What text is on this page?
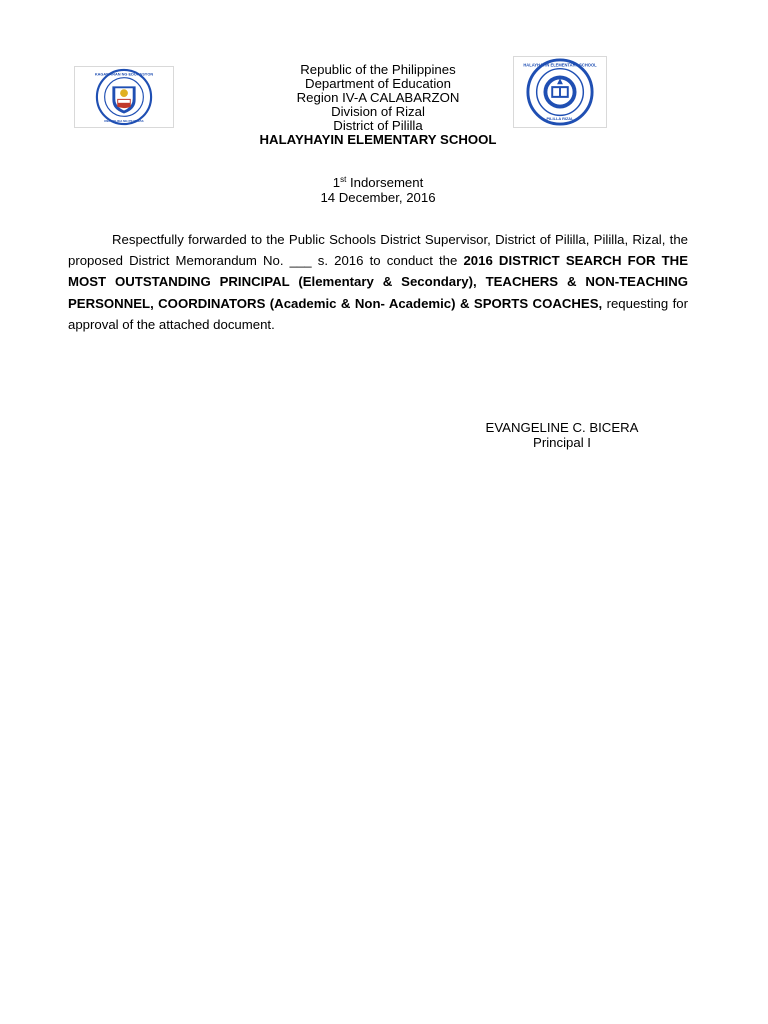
KAGAWARAN NG EDUKASYON
REPUBLIKA NG PILIPINAS
HALAYHAYIN ELEMENTARY SCHOOL
PILILLA RIZAL
Republic of the Philippines
Department of Education
Region IV-A CALABARZON
Division of Rizal
District of Pililla
HALAYHAYIN ELEMENTARY SCHOOL
1st Indorsement
14 December, 2016

Respectfully forwarded to the Public Schools District Supervisor, District of Pililla, Pililla, Rizal, the proposed District Memorandum No. ___ s. 2016 to conduct the 2016 DISTRICT SEARCH FOR THE MOST OUTSTANDING PRINCIPAL (Elementary & Secondary), TEACHERS & NON-TEACHING PERSONNEL, COORDINATORS (Academic & Non- Academic) & SPORTS COACHES, requesting for approval of the attached document.

EVANGELINE C. BICERA
Principal I
